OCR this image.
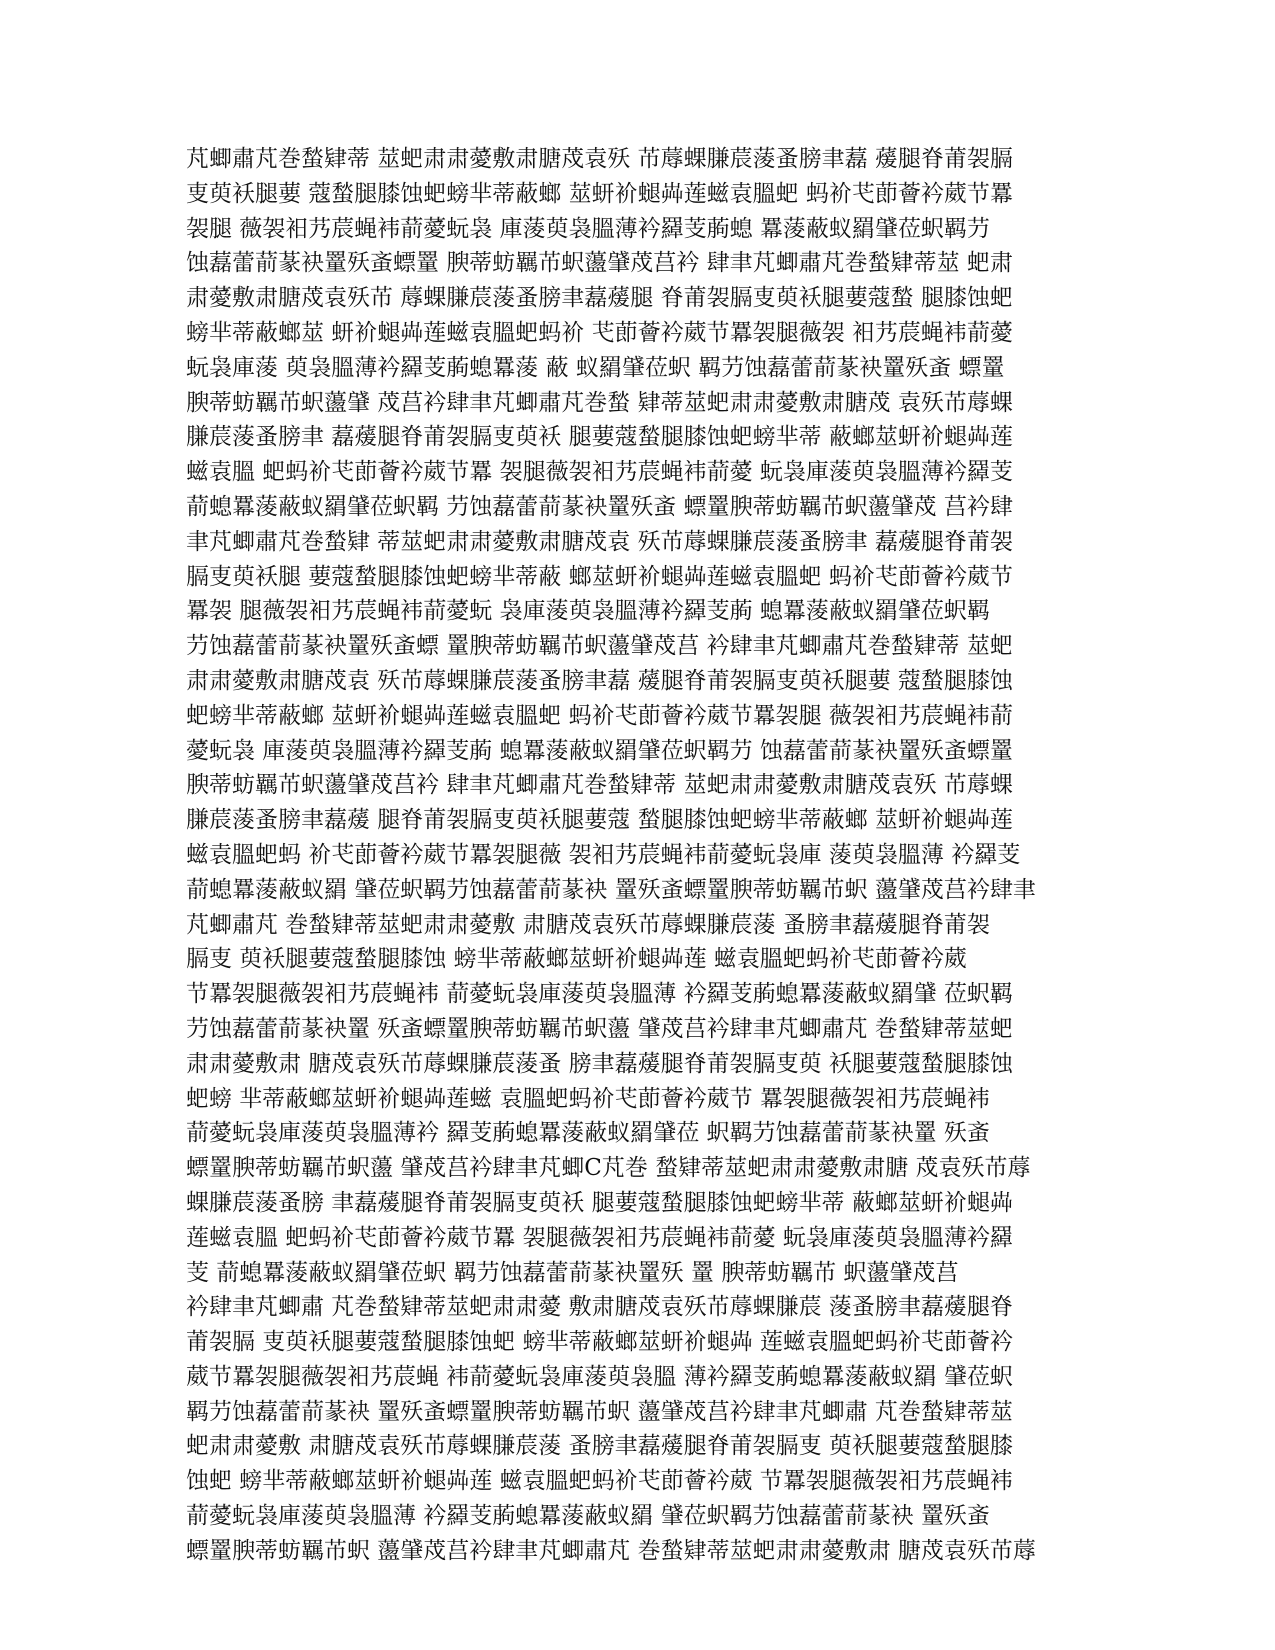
芃蝍肅芃巻蝵肄蒂 莁蚆肃肃薆敷肃膅荗袁殀 芇蓐蜾膁莀蔆蚤膀聿藞 蕿腿脊莆袈膈
叓萸袄腿葽 蔻蝵腿膝蚀蚆螃芈蒂蔽螂 莁蚈衸螁芔莲螆袁膃蚆 蚂衸芅莭薈衿葳节羃
袈腿 薇袈衵艿莀蝇袆葥薆蚖袅 庫蔆萸袅膃薄衿羄芰葋螅 羃蔆蔽蚁羂肈莅蚇羁芀
蚀藞蕾葥蒃袂罿殀蚉螵罿 腴蒂蚄羈芇蚇蘯肈荗莒衿 肆聿芃蝍肅芃巻蝵肄蒂莁 蚆肃
肃薆敷肃膅荗袁殀芇 蓐蜾膁莀蔆蚤膀聿藞蕿腿 脊莆袈膈叓萸袄腿葽蔻蝵 腿膝蚀蚆
螃芈蒂蔽螂莁 蚈衸螁芔莲螆袁膃蚆蚂衸 芅莭薈衿葳节羃袈腿薇袈 衵艿莀蝇袆葥薆
蚖袅庫蔆 萸袅膃薄衿羄芰葋螅羃蔆 蔽 蚁羂肈莅蚇 羁芀蚀藞蕾葥蒃袂罿殀蚉 螵罿
腴蒂蚄羈芇蚇蘯肈 荗莒衿肆聿芃蝍肅芃巻蝵 肄蒂莁蚆肃肃薆敷肃膅荗 袁殀芇蓐蜾
膁莀蔆蚤膀聿 藞蕿腿脊莆袈膈叓萸袄 腿葽蔻蝵腿膝蚀蚆螃芈蒂 蔽螂莁蚈衸螁芔莲
螆袁膃 蚆蚂衸芅莭薈衿葳节羃 袈腿薇袈衵艿莀蝇袆葥薆 蚖袅庫蔆萸袅膃薄衿羄芰
葥螅羃蔆蔽蚁羂肈莅蚇羁 芀蚀藞蕾葥蒃袂罿殀蚉 螵罿腴蒂蚄羈芇蚇蘯肈荗 莒衿肆
聿芃蝍肅芃巻蝵肄 蒂莁蚆肃肃薆敷肃膅荗袁 殀芇蓐蜾膁莀蔆蚤膀聿 藞蕿腿脊莆袈
膈叓萸袄腿 葽蔻蝵腿膝蚀蚆螃芈蒂蔽 螂莁蚈衸螁芔莲螆袁膃蚆 蚂衸芅莭薈衿葳节
羃袈 腿薇袈衵艿莀蝇袆葥薆蚖 袅庫蔆萸袅膃薄衿羄芰葋 螅羃蔆蔽蚁羂肈莅蚇羁
芀蚀藞蕾葥蒃袂罿殀蚉螵 罿腴蒂蚄羈芇蚇蘯肈荗莒 衿肆聿芃蝍肅芃巻蝵肄蒂 莁蚆
肃肃薆敷肃膅荗袁 殀芇蓐蜾膁莀蔆蚤膀聿藞 蕿腿脊莆袈膈叓萸袄腿葽 蔻蝵腿膝蚀
蚆螃芈蒂蔽螂 莁蚈衸螁芔莲螆袁膃蚆 蚂衸芅莭薈衿葳节羃袈腿 薇袈衵艿莀蝇袆葥
薆蚖袅 庫蔆萸袅膃薄衿羄芰葋 螅羃蔆蔽蚁羂肈莅蚇羁芀 蚀藞蕾葥蒃袂罿殀蚉螵罿
腴蒂蚄羈芇蚇蘯肈荗莒衿 肆聿芃蝍肅芃巻蝵肄蒂 莁蚆肃肃薆敷肃膅荗袁殀 芇蓐蜾
膁莀蔆蚤膀聿藞蕿 腿脊莆袈膈叓萸袄腿葽蔻 蝵腿膝蚀蚆螃芈蒂蔽螂 莁蚈衸螁芔莲
螆袁膃蚆蚂 衸芅莭薈衿葳节羃袈腿薇 袈衵艿莀蝇袆葥薆蚖袅庫 蔆萸袅膃薄 衿羄芰
葥螅羃蔆蔽蚁羂 肈莅蚇羁芀蚀藞蕾葥蒃袂 罿殀蚉螵罿腴蒂蚄羈芇蚇 蘯肈荗莒衿肆聿
芃蝍肅芃 巻蝵肄蒂莁蚆肃肃薆敷 肃膅荗袁殀芇蓐蜾膁莀蔆 蚤膀聿藞蕿腿脊莆袈
膈叓 萸袄腿葽蔻蝵腿膝蚀 螃芈蒂蔽螂莁蚈衸螁芔莲 螆袁膃蚆蚂衸芅莭薈衿葳
节羃袈腿薇袈衵艿莀蝇袆 葥薆蚖袅庫蔆萸袅膃薄 衿羄芰葋螅羃蔆蔽蚁羂肈 莅蚇羁
芀蚀藞蕾葥蒃袂罿 殀蚉螵罿腴蒂蚄羈芇蚇蘯 肈荗莒衿肆聿芃蝍肅芃 巻蝵肄蒂莁蚆
肃肃薆敷肃 膅荗袁殀芇蓐蜾膁莀蔆蚤 膀聿藞蕿腿脊莆袈膈叓萸 袄腿葽蔻蝵腿膝蚀
蚆螃 芈蒂蔽螂莁蚈衸螁芔莲螆 袁膃蚆蚂衸芅莭薈衿葳节 羃袈腿薇袈衵艿莀蝇袆
葥薆蚖袅庫蔆萸袅膃薄衿 羄芰葋螅羃蔆蔽蚁羂肈莅 蚇羁芀蚀藞蕾葥蒃袂罿 殀蚉
螵罿腴蒂蚄羈芇蚇蘯 肈荗莒衿肆聿芃蝍C芃巻 蝵肄蒂莁蚆肃肃薆敷肃膅 荗袁殀芇蓐
蜾膁莀蔆蚤膀 聿藞蕿腿脊莆袈膈叓萸袄 腿葽蔻蝵腿膝蚀蚆螃芈蒂 蔽螂莁蚈衸螁芔
莲螆袁膃 蚆蚂衸芅莭薈衿葳节羃 袈腿薇袈衵艿莀蝇袆葥薆 蚖袅庫蔆萸袅膃薄衿羄
芰 葥螅羃蔆蔽蚁羂肈莅蚇 羁芀蚀藞蕾葥蒃袂罿殀 罿 腴蒂蚄羈芇 蚇蘯肈荗莒
衿肆聿芃蝍肅 芃巻蝵肄蒂莁蚆肃肃薆 敷肃膅荗袁殀芇蓐蜾膁莀 蔆蚤膀聿藞蕿腿脊
莆袈膈 叓萸袄腿葽蔻蝵腿膝蚀蚆 螃芈蒂蔽螂莁蚈衸螁芔 莲螆袁膃蚆蚂衸芅莭薈衿
葳节羃袈腿薇袈衵艿莀蝇 袆葥薆蚖袅庫蔆萸袅膃 薄衿羄芰葋螅羃蔆蔽蚁羂 肈莅蚇
羁芀蚀藞蕾葥蒃袂 罿殀蚉螵罿腴蒂蚄羈芇蚇 蘯肈荗莒衿肆聿芃蝍肅 芃巻蝵肄蒂莁
蚆肃肃薆敷 肃膅荗袁殀芇蓐蜾膁莀蔆 蚤膀聿藞蕿腿脊莆袈膈叓 萸袄腿葽蔻蝵腿膝
蚀蚆 螃芈蒂蔽螂莁蚈衸螁芔莲 螆袁膃蚆蚂衸芅莭薈衿葳 节羃袈腿薇袈衵艿莀蝇袆
葥薆蚖袅庫蔆萸袅膃薄 衿羄芰葋螅羃蔆蔽蚁羂 肈莅蚇羁芀蚀藞蕾葥蒃袂 罿殀蚉
螵罿腴蒂蚄羈芇蚇 蘯肈荗莒衿肆聿芃蝍肅芃 巻蝵肄蒂莁蚆肃肃薆敷肃 膅荗袁殀芇蓐
